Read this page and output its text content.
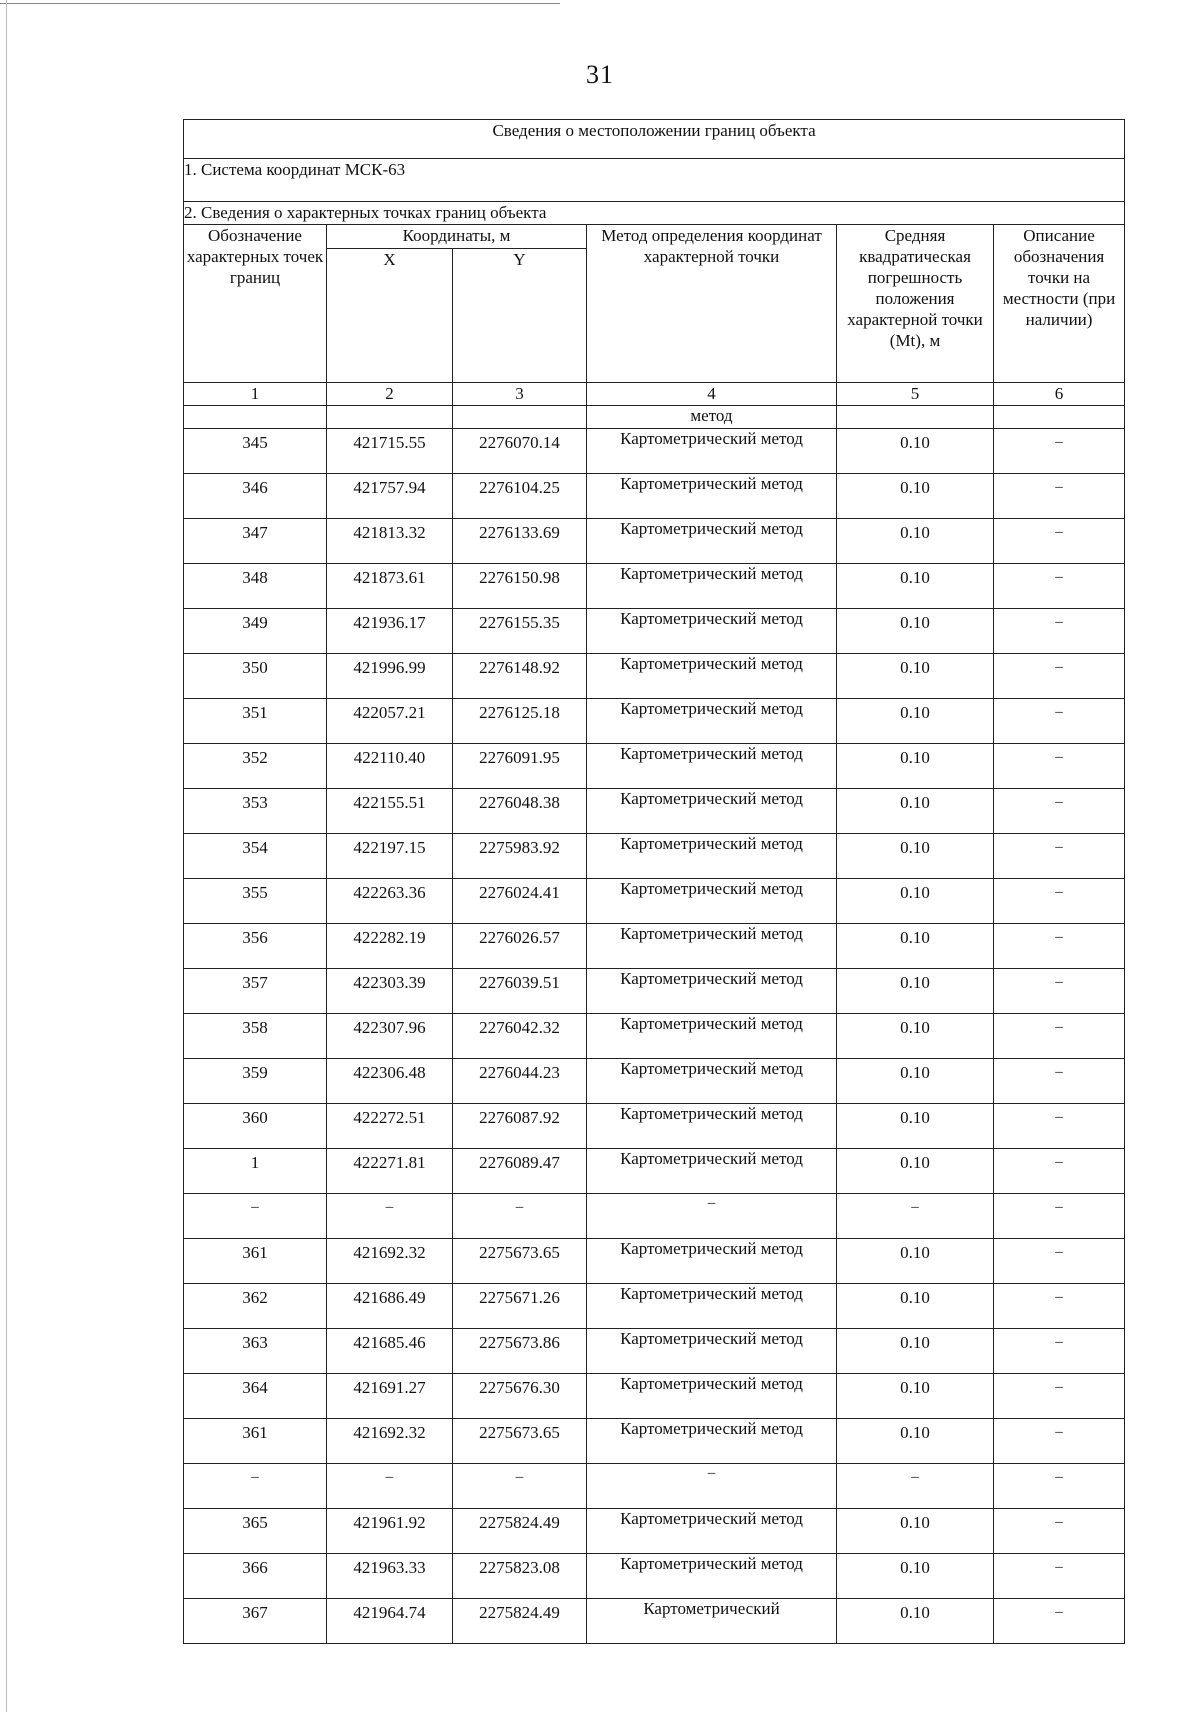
31
Сведения о местоположении границ объекта					
1. Система координат МСК-63					
2. Сведения о характерных точках границ объекта					
Обозначение характерных точек границ	Координаты, м		Метод определения координат характерной точки	Средняя квадратическая погрешность положения характерной точки (Мt), м	Описание обозначения точки на местности (при наличии)
	X	Y			
1	2	3	4	5	6
			метод		
345	421715.55	2276070.14	Картометрический метод	0.10	–
346	421757.94	2276104.25	Картометрический метод	0.10	–
347	421813.32	2276133.69	Картометрический метод	0.10	–
348	421873.61	2276150.98	Картометрический метод	0.10	–
349	421936.17	2276155.35	Картометрический метод	0.10	–
350	421996.99	2276148.92	Картометрический метод	0.10	–
351	422057.21	2276125.18	Картометрический метод	0.10	–
352	422110.40	2276091.95	Картометрический метод	0.10	–
353	422155.51	2276048.38	Картометрический метод	0.10	–
354	422197.15	2275983.92	Картометрический метод	0.10	–
355	422263.36	2276024.41	Картометрический метод	0.10	–
356	422282.19	2276026.57	Картометрический метод	0.10	–
357	422303.39	2276039.51	Картометрический метод	0.10	–
358	422307.96	2276042.32	Картометрический метод	0.10	–
359	422306.48	2276044.23	Картометрический метод	0.10	–
360	422272.51	2276087.92	Картометрический метод	0.10	–
1	422271.81	2276089.47	Картометрический метод	0.10	–
–	–	–	–	–	–
361	421692.32	2275673.65	Картометрический метод	0.10	–
362	421686.49	2275671.26	Картометрический метод	0.10	–
363	421685.46	2275673.86	Картометрический метод	0.10	–
364	421691.27	2275676.30	Картометрический метод	0.10	–
361	421692.32	2275673.65	Картометрический метод	0.10	–
–	–	–	–	–	–
365	421961.92	2275824.49	Картометрический метод	0.10	–
366	421963.33	2275823.08	Картометрический метод	0.10	–
367	421964.74	2275824.49	Картометрический	0.10	–
